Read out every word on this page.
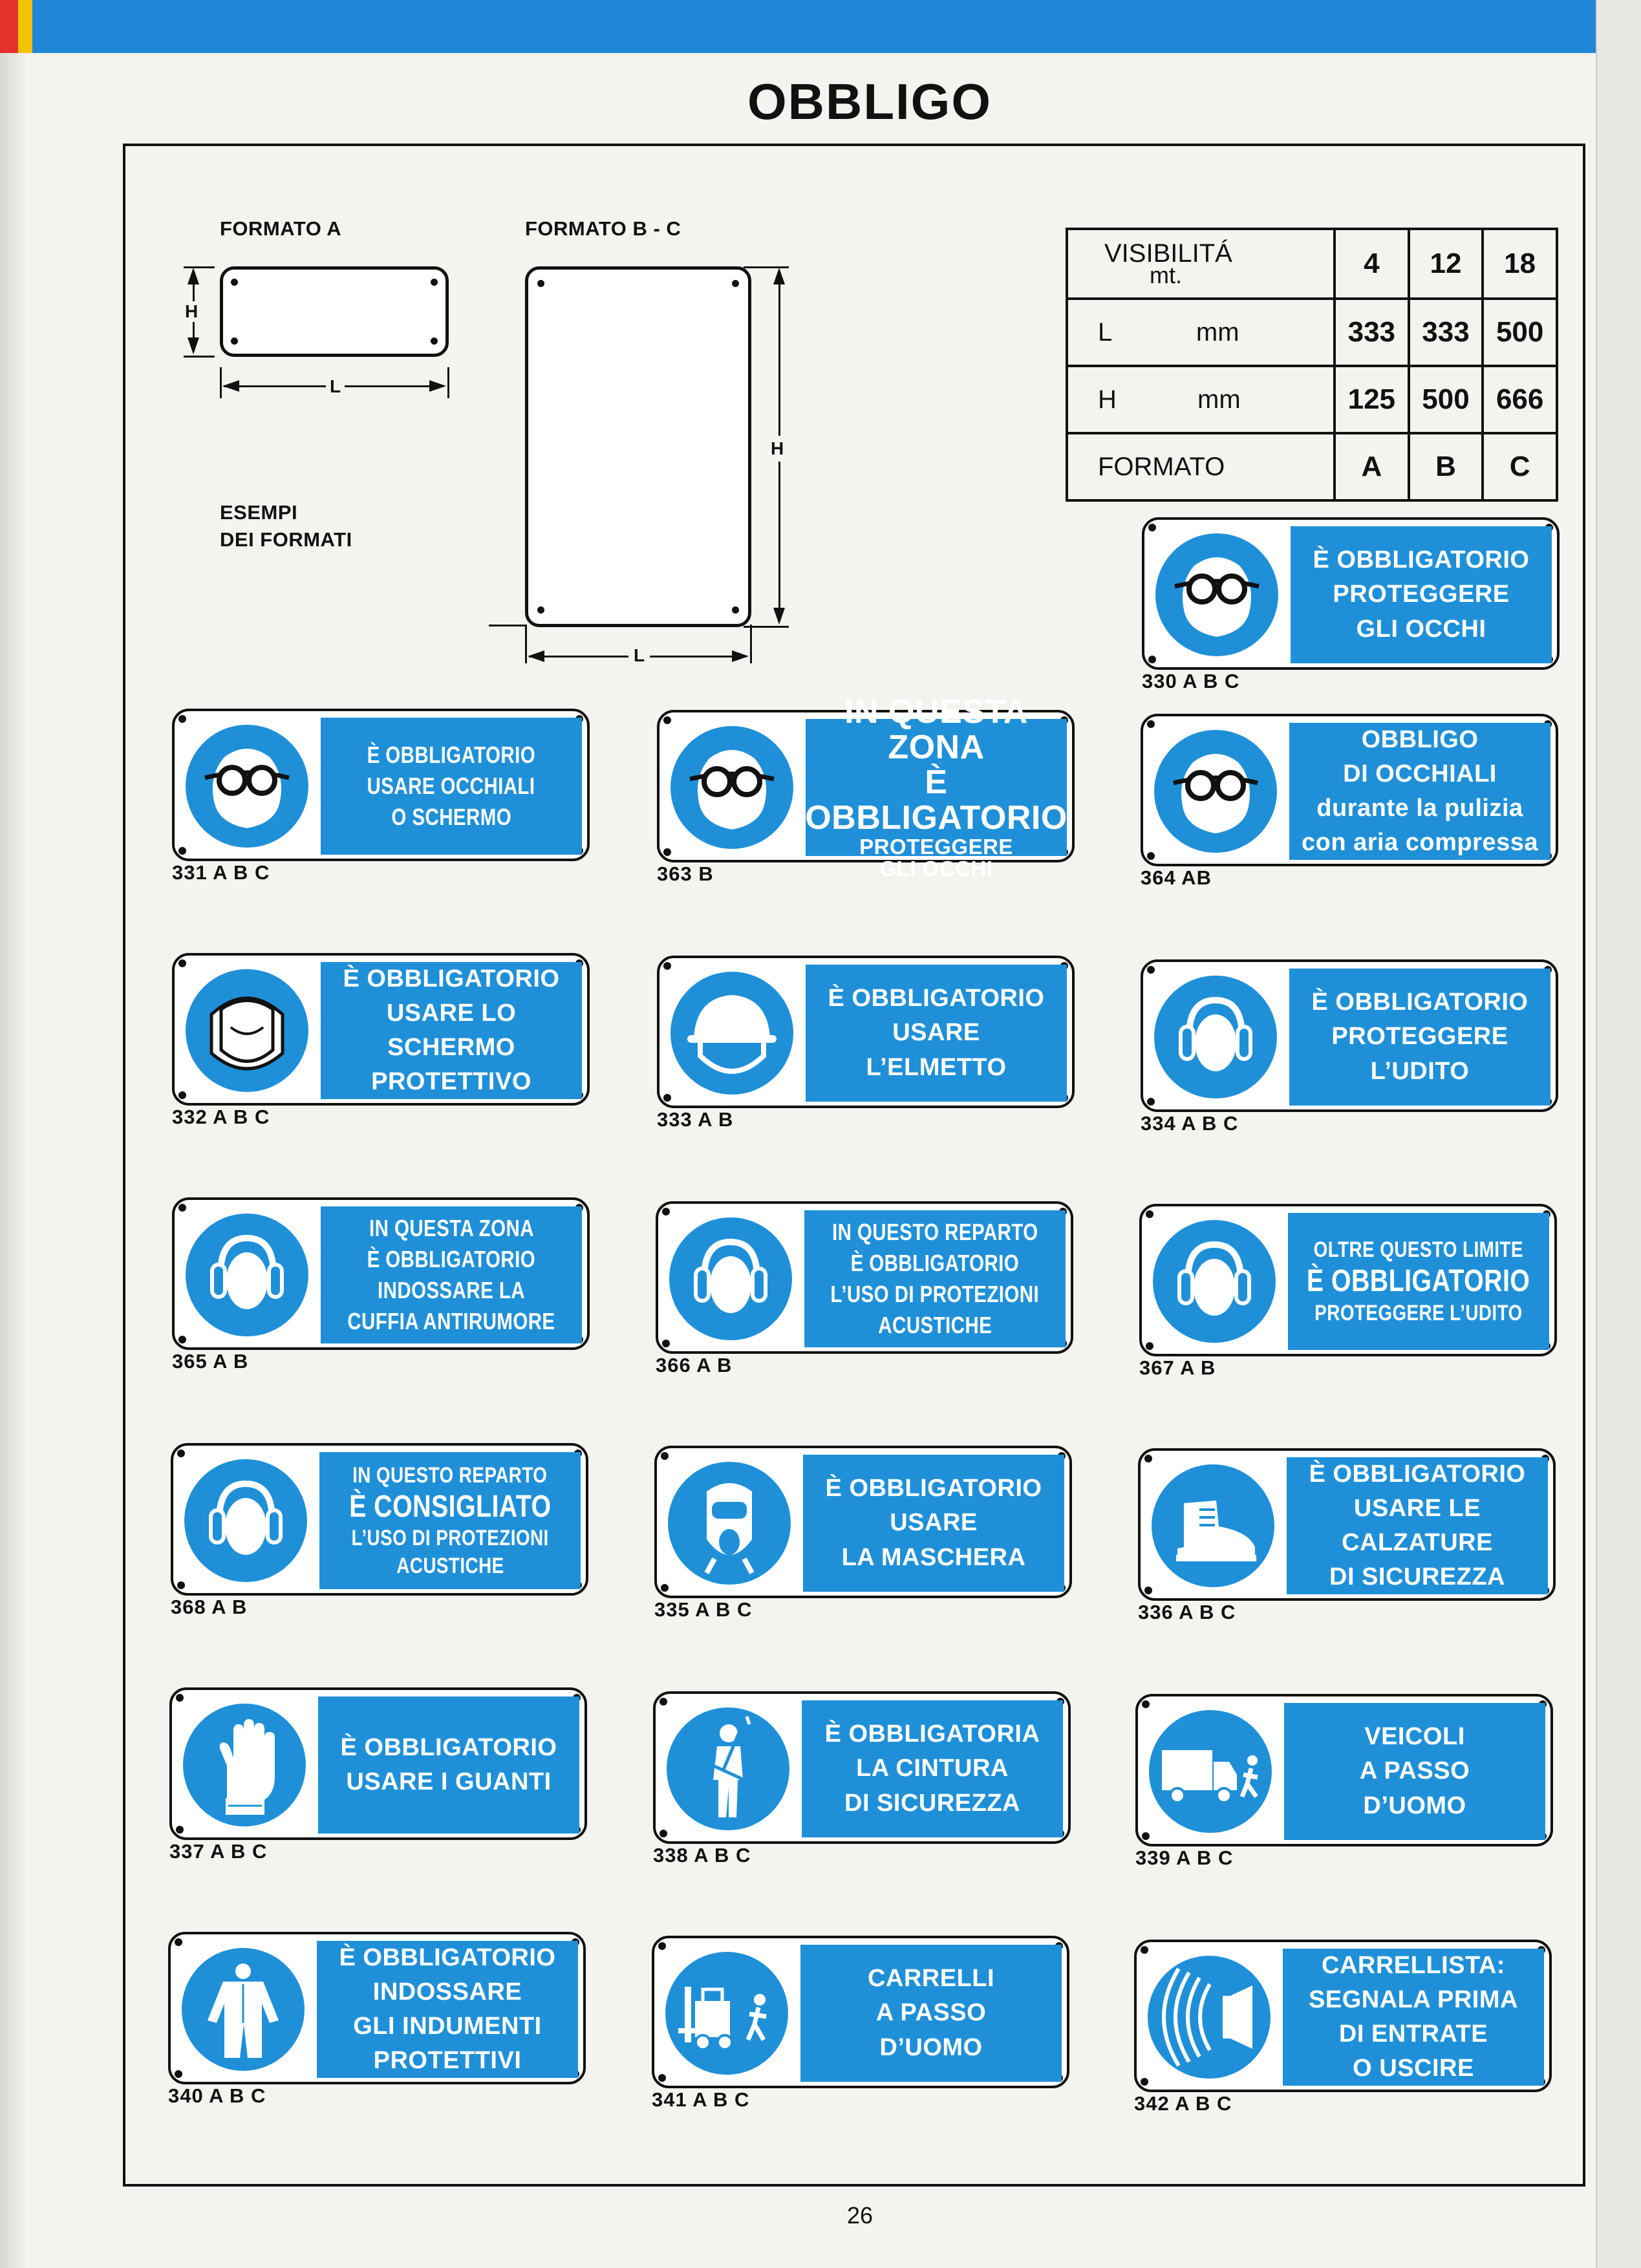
OBBLIGO
FORMATO A	FORMATO B - C
H
L
H
L
ESEMPI
DEI FORMATI
VISIBILITÁ
mt.	4	12	18
L mm	333	333	500
H mm	125	500	666
FORMATO	A	B	C
È OBBLIGATORIO
PROTEGGERE
GLI OCCHI
330 A B C
È OBBLIGATORIO
USARE OCCHIALI
O SCHERMO
331 A B C
IN QUESTA ZONA
È OBBLIGATORIO
PROTEGGERE
GLI OCCHI
363 B
OBBLIGO
DI OCCHIALI
durante la pulizia
con aria compressa
364 AB
È OBBLIGATORIO
USARE LO
SCHERMO
PROTETTIVO
332 A B C
È OBBLIGATORIO
USARE
L’ELMETTO
333 A B
È OBBLIGATORIO
PROTEGGERE
L’UDITO
334 A B C
IN QUESTA ZONA
È OBBLIGATORIO
INDOSSARE LA
CUFFIA ANTIRUMORE
365 A B
IN QUESTO REPARTO
È OBBLIGATORIO
L’USO DI PROTEZIONI
ACUSTICHE
366 A B
OLTRE QUESTO LIMITE
È OBBLIGATORIO
PROTEGGERE L’UDITO
367 A B
IN QUESTO REPARTO
È CONSIGLIATO
L’USO DI PROTEZIONI
ACUSTICHE
368 A B
È OBBLIGATORIO
USARE
LA MASCHERA
335 A B C
È OBBLIGATORIO
USARE LE
CALZATURE
DI SICUREZZA
336 A B C
È OBBLIGATORIO
USARE I GUANTI
337 A B C
È OBBLIGATORIA
LA CINTURA
DI SICUREZZA
338 A B C
VEICOLI
A PASSO
D’UOMO
339 A B C
È OBBLIGATORIO
INDOSSARE
GLI INDUMENTI
PROTETTIVI
340 A B C
CARRELLI
A PASSO
D’UOMO
341 A B C
CARRELLISTA:
SEGNALA PRIMA
DI ENTRATE
O USCIRE
342 A B C
26
